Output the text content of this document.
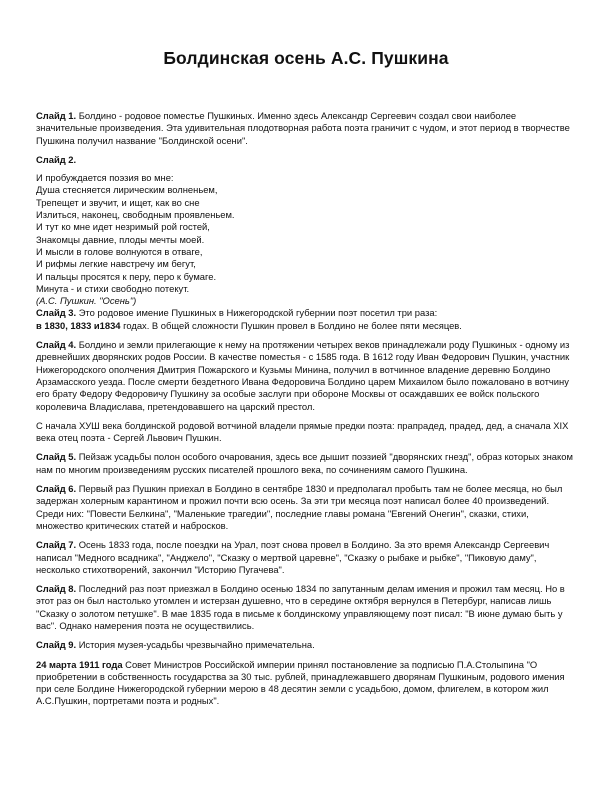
Болдинская осень А.С. Пушкина

Слайд 1. Болдино - родовое поместье Пушкиных. Именно здесь Александр Сергеевич создал свои наиболее значительные произведения. Эта удивительная плодотворная работа поэта граничит с чудом, и этот период в творчестве Пушкина получил название "Болдинской осени".

Слайд 2.

И пробуждается поэзия во мне:
Душа стесняется лирическим волненьем,
Трепещет и звучит, и ищет, как во сне
Излиться, наконец, свободным проявленьем.
И тут ко мне идет незримый рой гостей,
Знакомцы давние, плоды мечты моей.
И мысли в голове волнуются в отваге,
И рифмы легкие навстречу им бегут,
И пальцы просятся к перу, перо к бумаге.
Минута - и стихи свободно потекут.
(А.С. Пушкин. "Осень")

Слайд 3. Это родовое имение Пушкиных в Нижегородской губернии поэт посетил три раза:
в 1830, 1833 и1834 годах. В общей сложности Пушкин провел в Болдино не более пяти месяцев.

Слайд 4. Болдино и земли прилегающие к нему на протяжении четырех веков принадлежали роду Пушкиных - одному из древнейших дворянских родов России. В качестве поместья - с 1585 года. В 1612 году Иван Федорович Пушкин, участник Нижегородского ополчения Дмитрия Пожарского и Кузьмы Минина, получил в вотчинное владение деревню Болдино Арзамасского уезда. После смерти бездетного Ивана Федоровича Болдино царем Михаилом было пожаловано в вотчину его брату Федору Федоровичу Пушкину за особые заслуги при обороне Москвы от осаждавших ее войск польского королевича Владислава, претендовавшего на царский престол.

С начала ХУШ века болдинской родовой вотчиной владели прямые предки поэта: прапрадед, прадед, дед, а сначала XIX века отец поэта - Сергей Львович Пушкин.

Слайд 5. Пейзаж усадьбы полон особого очарования, здесь все дышит поэзией "дворянских гнезд", образ которых знаком нам по многим произведениям русских писателей прошлого века, по сочинениям самого Пушкина.

Слайд 6. Первый раз Пушкин приехал в Болдино в сентябре 1830 и предполагал пробыть там не более месяца, но был задержан холерным карантином и прожил почти всю осень. За эти три месяца поэт написал более 40 произведений. Среди них: "Повести Белкина", "Маленькие трагедии", последние главы романа "Евгений Онегин", сказки, стихи, множество критических статей и набросков.

Слайд 7. Осень 1833 года, после поездки на Урал, поэт снова провел в Болдино. За это время Александр Сергеевич написал "Медного всадника", "Анджело", "Сказку о мертвой царевне", "Сказку о рыбаке и рыбке", "Пиковую даму", несколько стихотворений, закончил "Историю Пугачева".

Слайд 8. Последний раз поэт приезжал в Болдино осенью 1834 по запутанным делам имения и прожил там месяц. Но в этот раз он был настолько утомлен и истерзан душевно, что в середине октября вернулся в Петербург, написав лишь "Сказку о золотом петушке". В мае 1835 года в письме к болдинскому управляющему поэт писал: "В июне думаю быть у вас". Однако намерения поэта не осуществились.

Слайд 9. История музея-усадьбы чрезвычайно примечательна.

24 марта 1911 года Совет Министров Российской империи принял постановление за подписью П.А.Столыпина "О приобретении в собственность государства за 30 тыс. рублей, принадлежавшего дворянам Пушкиным, родового имения при селе Болдине Нижегородской губернии мерою в 48 десятин земли с усадьбою, домом, флигелем, в котором жил А.С.Пушкин, портретами поэта и родных".
